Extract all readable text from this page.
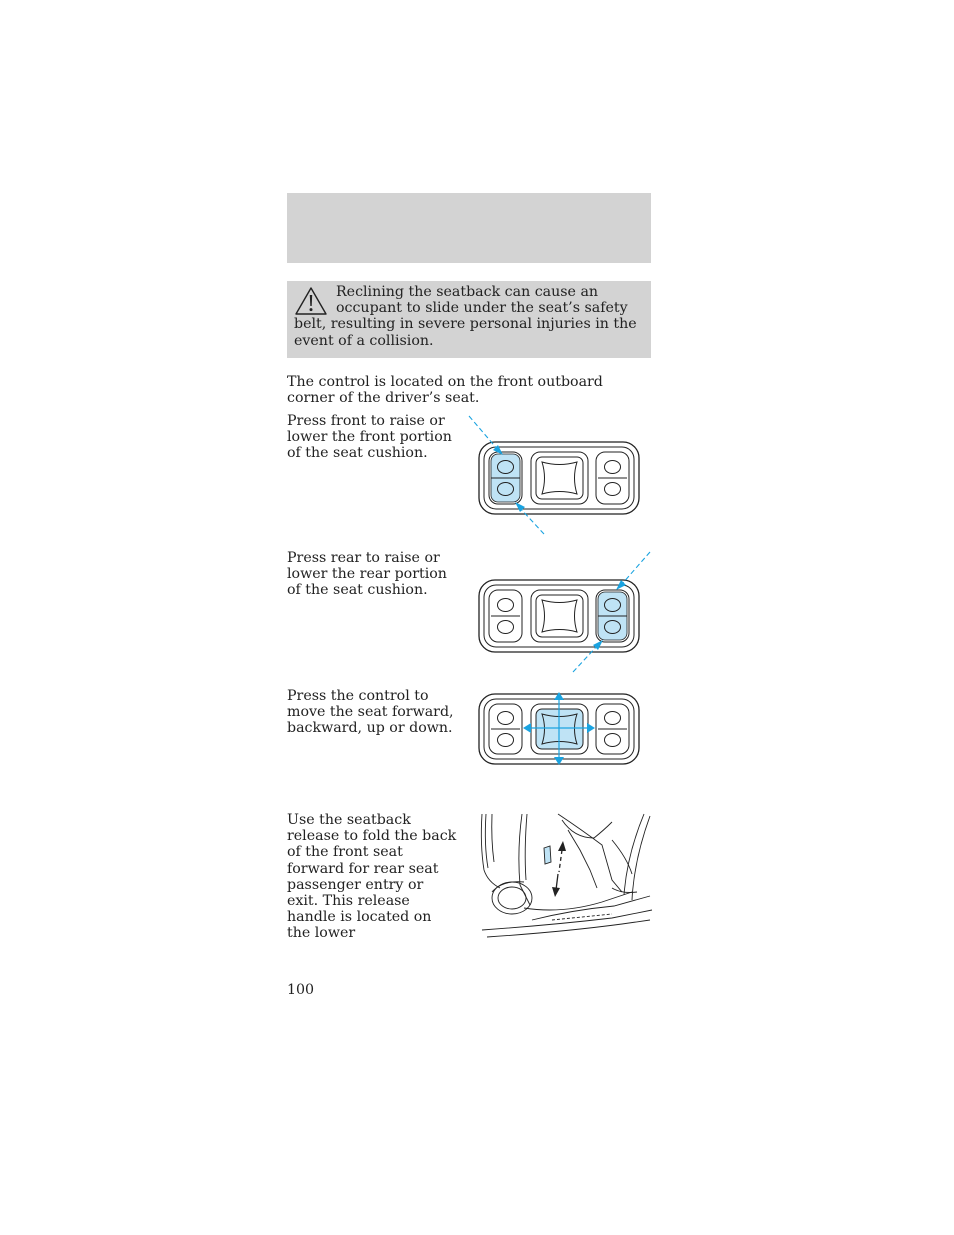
Reclining the seatback can cause an occupant to slide under the seat’s safety belt, resulting in severe personal injuries in the event of a collision.

The control is located on the front outboard corner of the driver’s seat.

Press front to raise or lower the front portion of the seat cushion.

Press rear to raise or lower the rear portion of the seat cushion.

Press the control to move the seat forward, backward, up or down.

Use the seatback release to fold the back of the front seat forward for rear seat passenger entry or exit. This release handle is located on the lower

100
